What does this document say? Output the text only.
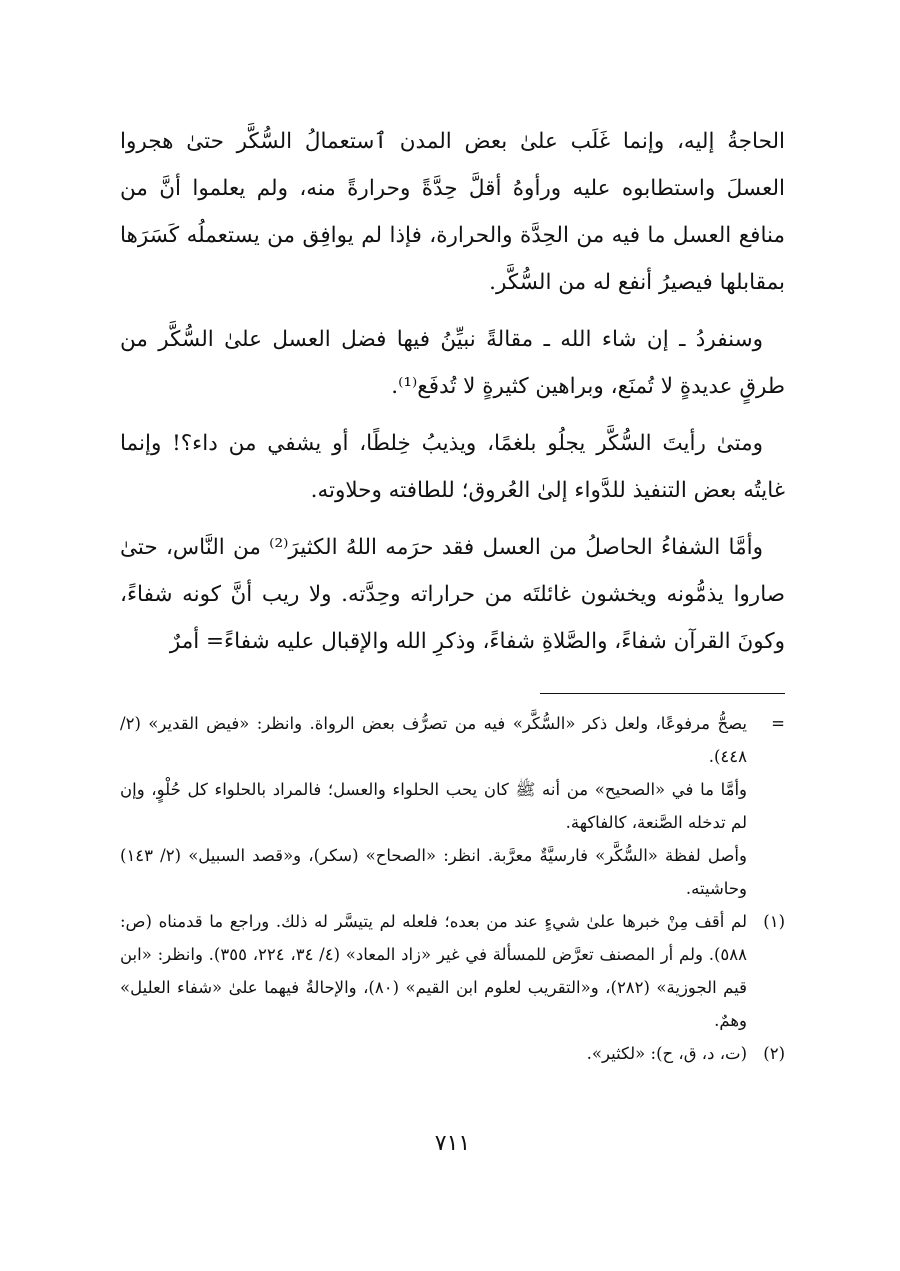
الحاجةُ إليه، وإنما غَلَب علىٰ بعض المدن ٱستعمالُ السُّكَّر حتىٰ هجروا العسلَ واستطابوه عليه ورأوهُ أقلَّ حِدَّةً وحرارةً منه، ولم يعلموا أنَّ من منافع العسل ما فيه من الحِدَّة والحرارة، فإذا لم يوافِق من يستعملُه كَسَرَها بمقابلها فيصيرُ أنفع له من السُّكَّر.

وسنفردُ ـ إن شاء الله ـ مقالةً نبيِّنُ فيها فضل العسل علىٰ السُّكَّر من طرقٍ عديدةٍ لا تُمنَع، وبراهين كثيرةٍ لا تُدفَع⁽¹⁾.

ومتىٰ رأيتَ السُّكَّر يجلُو بلغمًا، ويذيبُ خِلطًا، أو يشفي من داء؟! وإنما غايتُه بعض التنفيذ للدَّواء إلىٰ العُروق؛ للطافته وحلاوته.

وأمَّا الشفاءُ الحاصلُ من العسل فقد حرَمه اللهُ الكثيرَ⁽²⁾ من النَّاس، حتىٰ صاروا يذمُّونه ويخشون غائلتَه من حراراته وحِدَّته. ولا ريب أنَّ كونه شفاءً، وكونَ القرآن شفاءً، والصَّلاةِ شفاءً، وذكرِ الله والإقبال عليه شفاءً= أمرٌ

=
يصحُّ مرفوعًا، ولعل ذكر «السُّكَّر» فيه من تصرُّف بعض الرواة. وانظر: «فيض القدير» (٢/ ٤٤٨).

وأمَّا ما في «الصحيح» من أنه ﷺ كان يحب الحلواء والعسل؛ فالمراد بالحلواء كل حُلْوٍ، وإن لم تدخله الصَّنعة، كالفاكهة.

وأصل لفظة «السُّكَّر» فارسيَّةٌ معرَّبة. انظر: «الصحاح» (سكر)، و«قصد السبيل» (٢/ ١٤٣) وحاشيته.

(١)
لم أقف مِنْ خبرها علىٰ شيءٍ عند من بعده؛ فلعله لم يتيسَّر له ذلك. وراجع ما قدمناه (ص: ٥٨٨). ولم أر المصنف تعرَّض للمسألة في غير «زاد المعاد» (٤/ ٣٤، ٢٢٤، ٣٥٥). وانظر: «ابن قيم الجوزية» (٢٨٢)، و«التقريب لعلوم ابن القيم» (٨٠)، والإحالةُ فيهما علىٰ «شفاء العليل» وهمٌ.
(٢)
(ت، د، ق، ح): «لكثير».
٧١١
